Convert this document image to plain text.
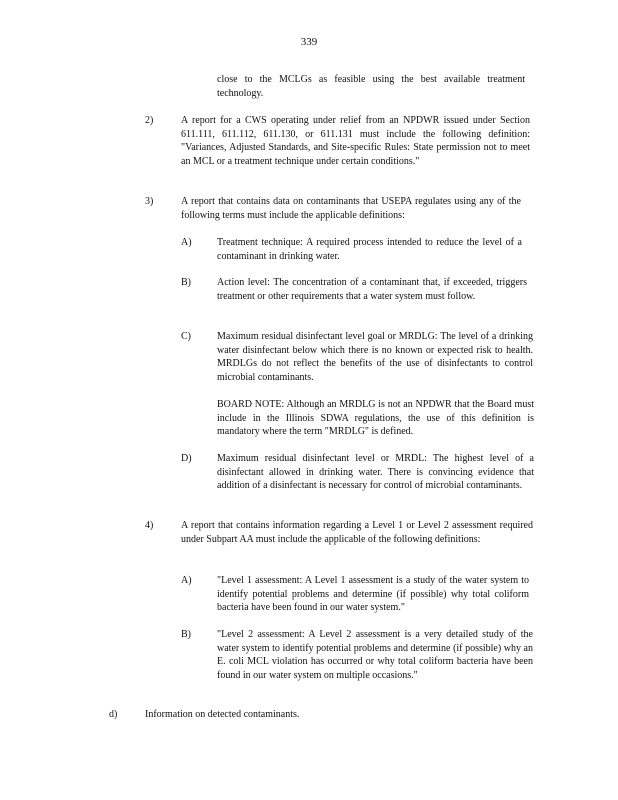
339

close to the MCLGs as feasible using the best available treatment technology.

2)	A report for a CWS operating under relief from an NPDWR issued under Section 611.111, 611.112, 611.130, or 611.131 must include the following definition: "Variances, Adjusted Standards, and Site-specific Rules: State permission not to meet an MCL or a treatment technique under certain conditions."

3)	A report that contains data on contaminants that USEPA regulates using any of the following terms must include the applicable definitions:

A)	Treatment technique: A required process intended to reduce the level of a contaminant in drinking water.

B)	Action level: The concentration of a contaminant that, if exceeded, triggers treatment or other requirements that a water system must follow.

C)	Maximum residual disinfectant level goal or MRDLG: The level of a drinking water disinfectant below which there is no known or expected risk to health. MRDLGs do not reflect the benefits of the use of disinfectants to control microbial contaminants.

BOARD NOTE: Although an MRDLG is not an NPDWR that the Board must include in the Illinois SDWA regulations, the use of this definition is mandatory where the term "MRDLG" is defined.

D)	Maximum residual disinfectant level or MRDL: The highest level of a disinfectant allowed in drinking water. There is convincing evidence that addition of a disinfectant is necessary for control of microbial contaminants.

4)	A report that contains information regarding a Level 1 or Level 2 assessment required under Subpart AA must include the applicable of the following definitions:

A)	"Level 1 assessment: A Level 1 assessment is a study of the water system to identify potential problems and determine (if possible) why total coliform bacteria have been found in our water system."

B)	"Level 2 assessment: A Level 2 assessment is a very detailed study of the water system to identify potential problems and determine (if possible) why an E. coli MCL violation has occurred or why total coliform bacteria have been found in our water system on multiple occasions."

d)	Information on detected contaminants.
